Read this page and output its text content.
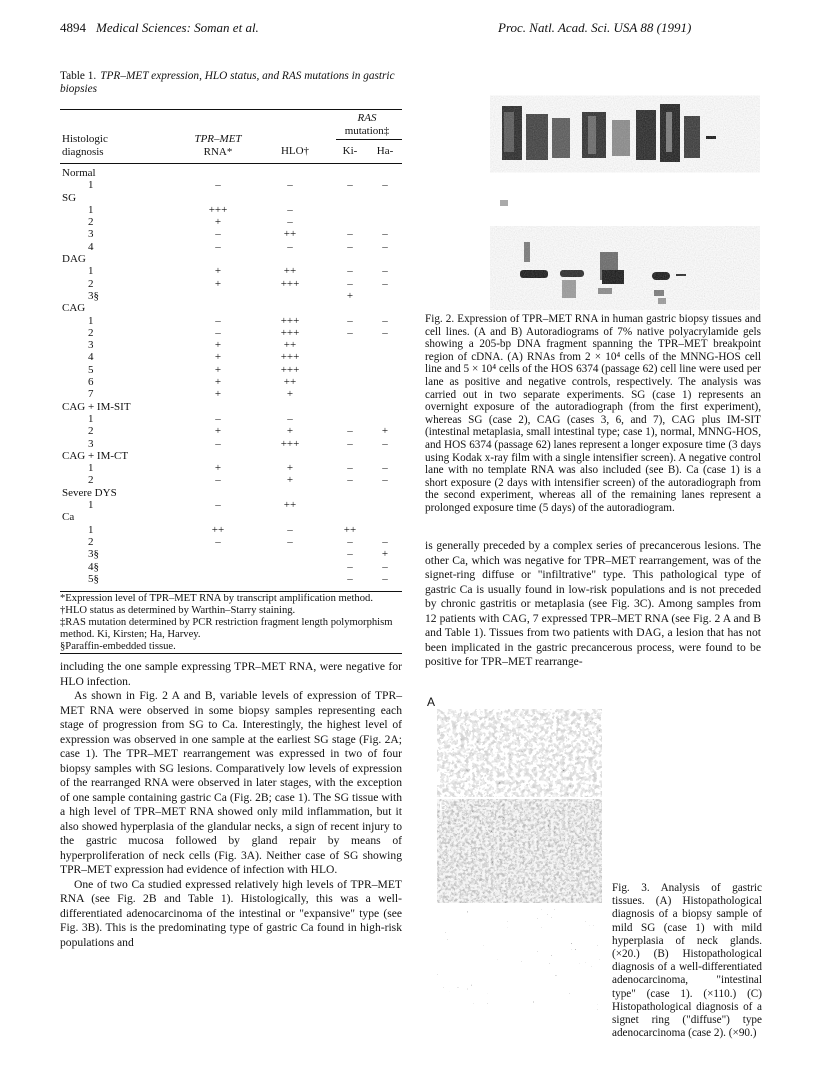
4894 Medical Sciences: Soman et al.	Proc. Natl. Acad. Sci. USA 88 (1991)
Table 1. TPR–MET expression, HLO status, and RAS mutations in gastric biopsies
Histologic
diagnosis
TPR–MET
RNA*	HLO†
RAS
mutation‡
Ki-	Ha-
Normal				
1	–	–	–	–
SG				
1	+++	–		
2	+	–		
3	–	++	–	–
4	–	–	–	–
DAG				
1	+	++	–	–
2	+	+++	–	–
3§			+	
CAG				
1	–	+++	–	–
2	–	+++	–	–
3	+	++		
4	+	+++		
5	+	+++		
6	+	++		
7	+	+		
CAG + IM-SIT				
1	–	–		
2	+	+	–	+
3	–	+++	–	–
CAG + IM-CT				
1	+	+	–	–
2	–	+	–	–
Severe DYS				
1	–	++		
Ca				
1	++	–	++	
2	–	–	–	–
3§			–	+
4§			–	–
5§			–	–

*Expression level of TPR–MET RNA by transcript amplification method.

†HLO status as determined by Warthin–Starry staining.

‡RAS mutation determined by PCR restriction fragment length polymorphism method. Ki, Kirsten; Ha, Harvey.

§Paraffin-embedded tissue.

including the one sample expressing TPR–MET RNA, were negative for HLO infection.

As shown in Fig. 2 A and B, variable levels of expression of TPR–MET RNA were observed in some biopsy samples representing each stage of progression from SG to Ca. Interestingly, the highest level of expression was observed in one sample at the earliest SG stage (Fig. 2A; case 1). The TPR–MET rearrangement was expressed in two of four biopsy samples with SG lesions. Comparatively low levels of expression of the rearranged RNA were observed in later stages, with the exception of one sample containing gastric Ca (Fig. 2B; case 1). The SG tissue with a high level of TPR–MET RNA showed only mild inflammation, but it also showed hyperplasia of the glandular necks, a sign of recent injury to the gastric mucosa followed by gland repair by means of hyperproliferation of neck cells (Fig. 3A). Neither case of SG showing TPR–MET expression had evidence of infection with HLO.

One of two Ca studied expressed relatively high levels of TPR–MET RNA (see Fig. 2B and Table 1). Histologically, this was a well-differentiated adenocarcinoma of the intestinal or "expansive" type (see Fig. 3B). This is the predominating type of gastric Ca found in high-risk populations and

Fig. 2. Expression of TPR–MET RNA in human gastric biopsy tissues and cell lines. (A and B) Autoradiograms of 7% native polyacrylamide gels showing a 205-bp DNA fragment spanning the TPR–MET breakpoint region of cDNA. (A) RNAs from 2 × 10⁴ cells of the MNNG-HOS cell line and 5 × 10⁴ cells of the HOS 6374 (passage 62) cell line were used per lane as positive and negative controls, respectively. The analysis was carried out in two separate experiments. SG (case 1) represents an overnight exposure of the autoradiograph (from the first experiment), whereas SG (case 2), CAG (cases 3, 6, and 7), CAG plus IM-SIT (intestinal metaplasia, small intestinal type; case 1), normal, MNNG-HOS, and HOS 6374 (passage 62) lanes represent a longer exposure time (3 days using Kodak x-ray film with a single intensifier screen). A negative control lane with no template RNA was also included (see B). Ca (case 1) is a short exposure (2 days with intensifier screen) of the autoradiograph from the second experiment, whereas all of the remaining lanes represent a prolonged exposure time (5 days) of the autoradiogram.

is generally preceded by a complex series of precancerous lesions. The other Ca, which was negative for TPR–MET rearrangement, was of the signet-ring diffuse or "infiltrative" type. This pathological type of gastric Ca is usually found in low-risk populations and is not preceded by chronic gastritis or metaplasia (see Fig. 3C). Among samples from 12 patients with CAG, 7 expressed TPR–MET RNA (see Fig. 2 A and B and Table 1). Tissues from two patients with DAG, a lesion that has not been implicated in the gastric precancerous process, were found to be positive for TPR–MET rearrange-

A
B
C

Fig. 3. Analysis of gastric tissues. (A) Histopathological diagnosis of a biopsy sample of mild SG (case 1) with mild hyperplasia of neck glands. (×20.) (B) Histopathological diagnosis of a well-differentiated adenocarcinoma, "intestinal type" (case 1). (×110.) (C) Histopathological diagnosis of a signet ring ("diffuse") type adenocarcinoma (case 2). (×90.)
